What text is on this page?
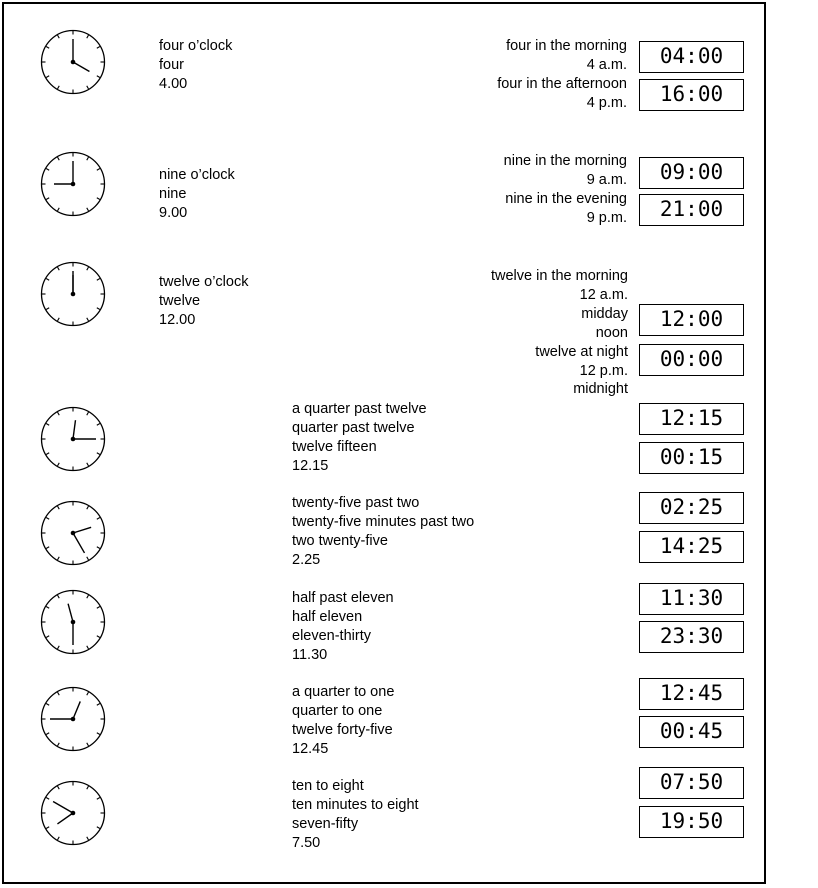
four o’clock
four
4.00
four in the morning
4 a.m.
four in the afternoon
4 p.m.
04:00
16:00
nine o’clock
nine
9.00
nine in the morning
9 a.m.
nine in the evening
9 p.m.
09:00
21:00
twelve o’clock
twelve
12.00
twelve in the morning
12 a.m.
midday
noon
twelve at night
12 p.m.
midnight
12:00
00:00
a quarter past twelve
quarter past twelve
twelve fifteen
12.15
12:15
00:15
twenty-five past two
twenty-five minutes past two
two twenty-five
2.25
02:25
14:25
half past eleven
half eleven
eleven-thirty
11.30
11:30
23:30
a quarter to one
quarter to one
twelve forty-five
12.45
12:45
00:45
ten to eight
ten minutes to eight
seven-fifty
7.50
07:50
19:50
